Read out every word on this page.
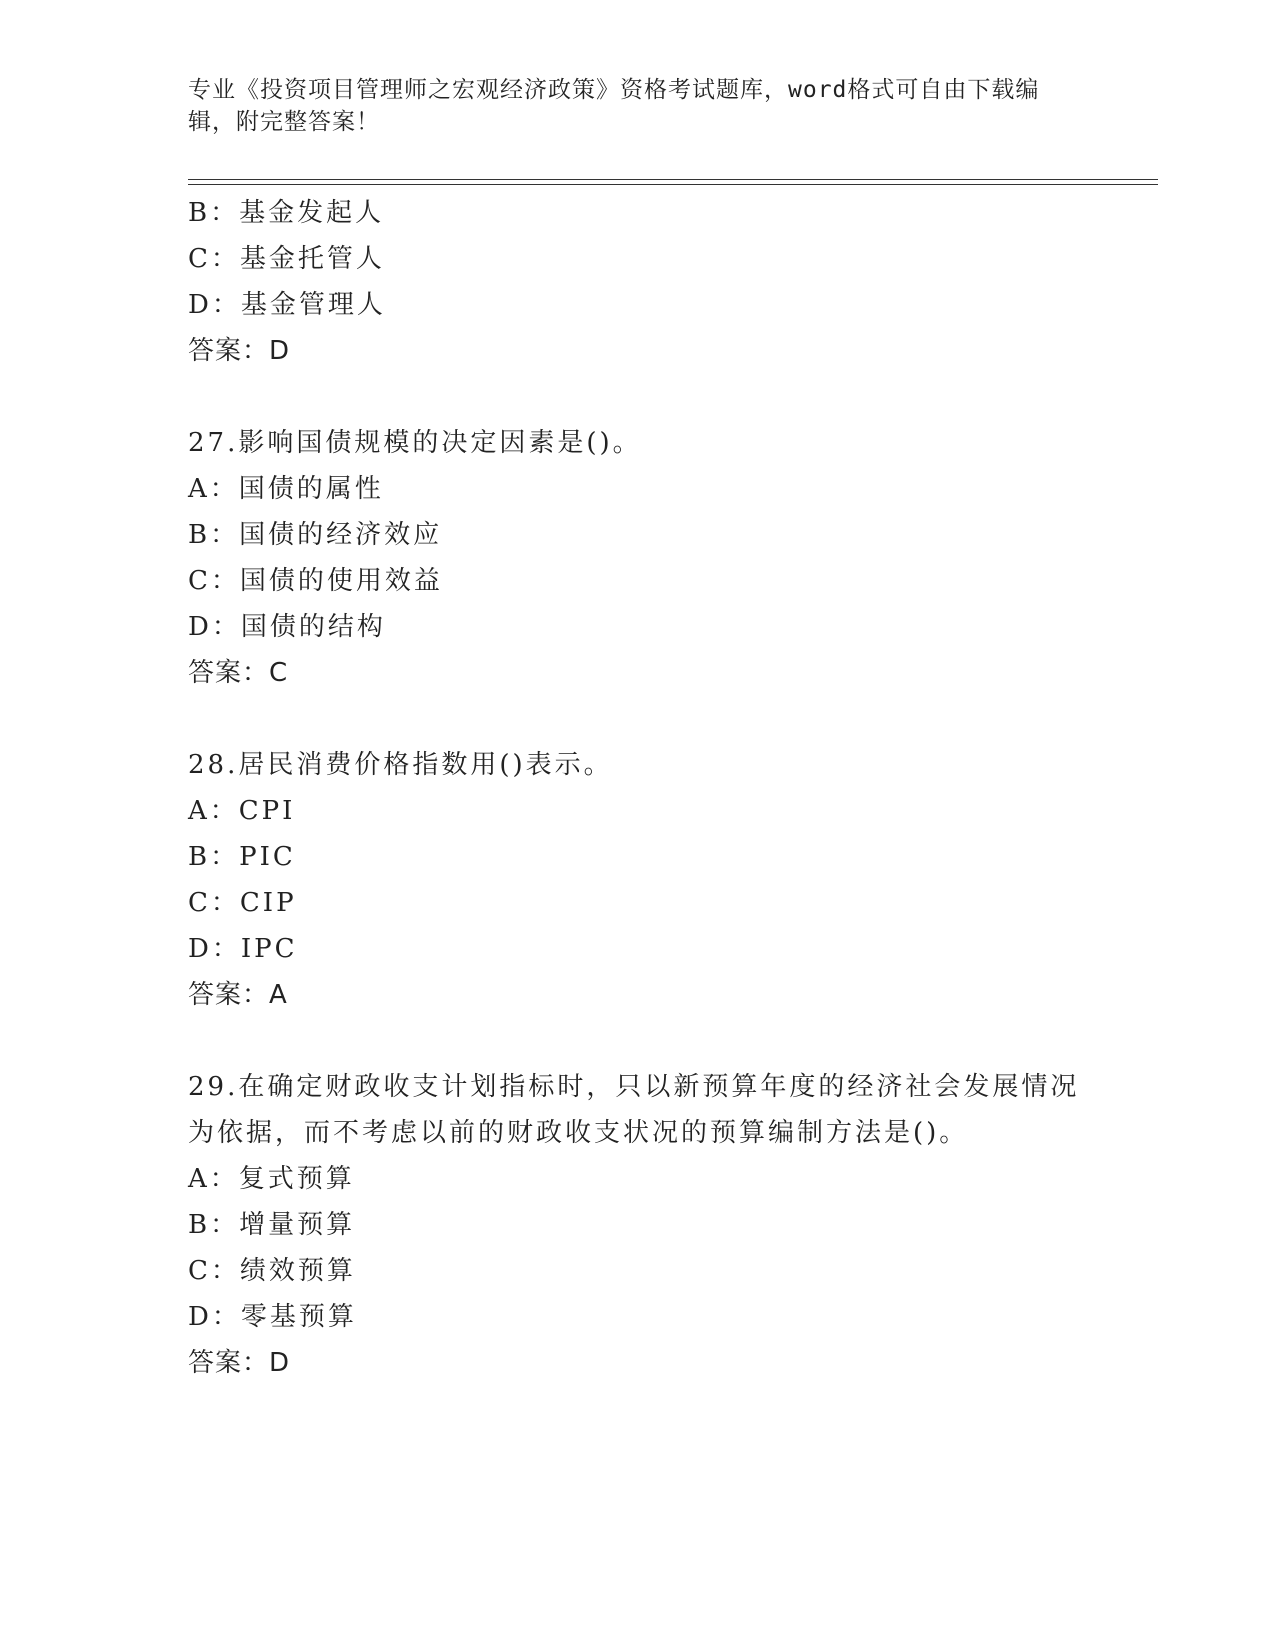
专业《投资项目管理师之宏观经济政策》资格考试题库，word格式可自由下载编
辑，附完整答案！
B：基金发起人
C：基金托管人
D：基金管理人
答案：D
27.影响国债规模的决定因素是()。
A：国债的属性
B：国债的经济效应
C：国债的使用效益
D：国债的结构
答案：C
28.居民消费价格指数用()表示。
A：CPI
B：PIC
C：CIP
D：IPC
答案：A
29.在确定财政收支计划指标时，只以新预算年度的经济社会发展情况
为依据，而不考虑以前的财政收支状况的预算编制方法是()。
A：复式预算
B：增量预算
C：绩效预算
D：零基预算
答案：D
